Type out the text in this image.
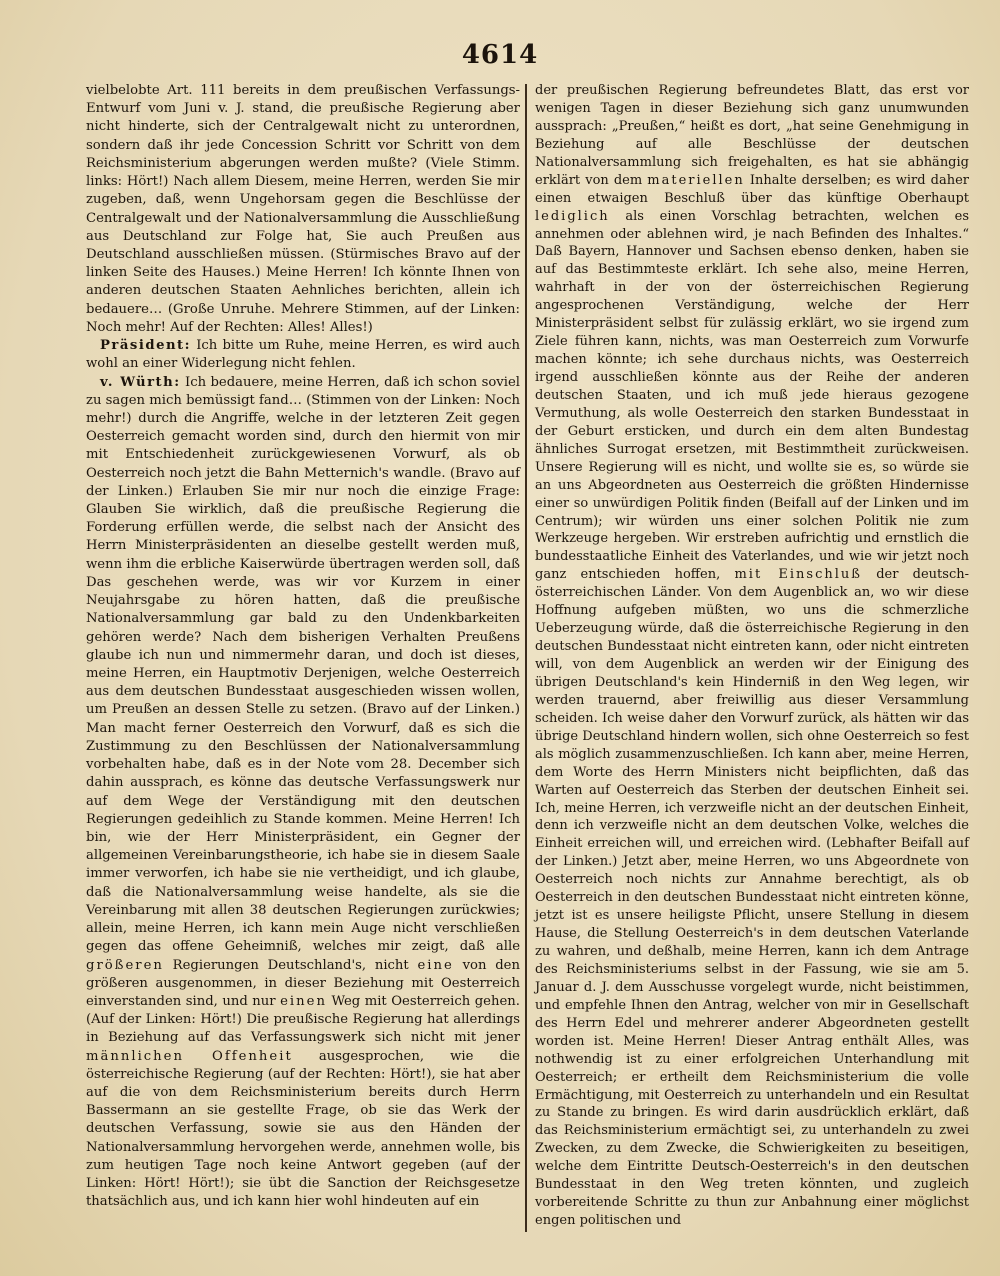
4614

vielbelobte Art. 111 bereits in dem preußischen Verfassungs-Entwurf vom Juni v. J. stand, die preußische Regierung aber nicht hinderte, sich der Centralgewalt nicht zu unterordnen, sondern daß ihr jede Concession Schritt vor Schritt von dem Reichsministerium abgerungen werden mußte? (Viele Stimm. links: Hört!) Nach allem Diesem, meine Herren, werden Sie mir zugeben, daß, wenn Ungehorsam gegen die Beschlüsse der Centralgewalt und der Nationalversammlung die Ausschließung aus Deutschland zur Folge hat, Sie auch Preußen aus Deutschland ausschließen müssen. (Stürmisches Bravo auf der linken Seite des Hauses.) Meine Herren! Ich könnte Ihnen von anderen deutschen Staaten Aehnliches berichten, allein ich bedauere… (Große Unruhe. Mehrere Stimmen, auf der Linken: Noch mehr! Auf der Rechten: Alles! Alles!)

Präsident: Ich bitte um Ruhe, meine Herren, es wird auch wohl an einer Widerlegung nicht fehlen.

v. Würth: Ich bedauere, meine Herren, daß ich schon soviel zu sagen mich bemüssigt fand… (Stimmen von der Linken: Noch mehr!) durch die Angriffe, welche in der letzteren Zeit gegen Oesterreich gemacht worden sind, durch den hiermit von mir mit Entschiedenheit zurückgewiesenen Vorwurf, als ob Oesterreich noch jetzt die Bahn Metternich's wandle. (Bravo auf der Linken.) Erlauben Sie mir nur noch die einzige Frage: Glauben Sie wirklich, daß die preußische Regierung die Forderung erfüllen werde, die selbst nach der Ansicht des Herrn Ministerpräsidenten an dieselbe gestellt werden muß, wenn ihm die erbliche Kaiserwürde übertragen werden soll, daß Das geschehen werde, was wir vor Kurzem in einer Neujahrsgabe zu hören hatten, daß die preußische Nationalversammlung gar bald zu den Undenkbarkeiten gehören werde? Nach dem bisherigen Verhalten Preußens glaube ich nun und nimmermehr daran, und doch ist dieses, meine Herren, ein Hauptmotiv Derjenigen, welche Oesterreich aus dem deutschen Bundesstaat ausgeschieden wissen wollen, um Preußen an dessen Stelle zu setzen. (Bravo auf der Linken.) Man macht ferner Oesterreich den Vorwurf, daß es sich die Zustimmung zu den Beschlüssen der Nationalversammlung vorbehalten habe, daß es in der Note vom 28. December sich dahin aussprach, es könne das deutsche Verfassungswerk nur auf dem Wege der Verständigung mit den deutschen Regierungen gedeihlich zu Stande kommen. Meine Herren! Ich bin, wie der Herr Ministerpräsident, ein Gegner der allgemeinen Vereinbarungstheorie, ich habe sie in diesem Saale immer verworfen, ich habe sie nie vertheidigt, und ich glaube, daß die Nationalversammlung weise handelte, als sie die Vereinbarung mit allen 38 deutschen Regierungen zurückwies; allein, meine Herren, ich kann mein Auge nicht verschließen gegen das offene Geheimniß, welches mir zeigt, daß alle größeren Regierungen Deutschland's, nicht eine von den größeren ausgenommen, in dieser Beziehung mit Oesterreich einverstanden sind, und nur einen Weg mit Oesterreich gehen. (Auf der Linken: Hört!) Die preußische Regierung hat allerdings in Beziehung auf das Verfassungswerk sich nicht mit jener männlichen Offenheit ausgesprochen, wie die österreichische Regierung (auf der Rechten: Hört!), sie hat aber auf die von dem Reichsministerium bereits durch Herrn Bassermann an sie gestellte Frage, ob sie das Werk der deutschen Verfassung, sowie sie aus den Händen der Nationalversammlung hervorgehen werde, annehmen wolle, bis zum heutigen Tage noch keine Antwort gegeben (auf der Linken: Hört! Hört!); sie übt die Sanction der Reichsgesetze thatsächlich aus, und ich kann hier wohl hindeuten auf ein

der preußischen Regierung befreundetes Blatt, das erst vor wenigen Tagen in dieser Beziehung sich ganz unumwunden aussprach: „Preußen,“ heißt es dort, „hat seine Genehmigung in Beziehung auf alle Beschlüsse der deutschen Nationalversammlung sich freigehalten, es hat sie abhängig erklärt von dem materiellen Inhalte derselben; es wird daher einen etwaigen Beschluß über das künftige Oberhaupt lediglich als einen Vorschlag betrachten, welchen es annehmen oder ablehnen wird, je nach Befinden des Inhaltes.“ Daß Bayern, Hannover und Sachsen ebenso denken, haben sie auf das Bestimmteste erklärt. Ich sehe also, meine Herren, wahrhaft in der von der österreichischen Regierung angesprochenen Verständigung, welche der Herr Ministerpräsident selbst für zulässig erklärt, wo sie irgend zum Ziele führen kann, nichts, was man Oesterreich zum Vorwurfe machen könnte; ich sehe durchaus nichts, was Oesterreich irgend ausschließen könnte aus der Reihe der anderen deutschen Staaten, und ich muß jede hieraus gezogene Vermuthung, als wolle Oesterreich den starken Bundesstaat in der Geburt ersticken, und durch ein dem alten Bundestag ähnliches Surrogat ersetzen, mit Bestimmtheit zurückweisen. Unsere Regierung will es nicht, und wollte sie es, so würde sie an uns Abgeordneten aus Oesterreich die größten Hindernisse einer so unwürdigen Politik finden (Beifall auf der Linken und im Centrum); wir würden uns einer solchen Politik nie zum Werkzeuge hergeben. Wir erstreben aufrichtig und ernstlich die bundesstaatliche Einheit des Vaterlandes, und wie wir jetzt noch ganz entschieden hoffen, mit Einschluß der deutsch-österreichischen Länder. Von dem Augenblick an, wo wir diese Hoffnung aufgeben müßten, wo uns die schmerzliche Ueberzeugung würde, daß die österreichische Regierung in den deutschen Bundesstaat nicht eintreten kann, oder nicht eintreten will, von dem Augenblick an werden wir der Einigung des übrigen Deutschland's kein Hinderniß in den Weg legen, wir werden trauernd, aber freiwillig aus dieser Versammlung scheiden. Ich weise daher den Vorwurf zurück, als hätten wir das übrige Deutschland hindern wollen, sich ohne Oesterreich so fest als möglich zusammenzuschließen. Ich kann aber, meine Herren, dem Worte des Herrn Ministers nicht beipflichten, daß das Warten auf Oesterreich das Sterben der deutschen Einheit sei. Ich, meine Herren, ich verzweifle nicht an der deutschen Einheit, denn ich verzweifle nicht an dem deutschen Volke, welches die Einheit erreichen will, und erreichen wird. (Lebhafter Beifall auf der Linken.) Jetzt aber, meine Herren, wo uns Abgeordnete von Oesterreich noch nichts zur Annahme berechtigt, als ob Oesterreich in den deutschen Bundesstaat nicht eintreten könne, jetzt ist es unsere heiligste Pflicht, unsere Stellung in diesem Hause, die Stellung Oesterreich's in dem deutschen Vaterlande zu wahren, und deßhalb, meine Herren, kann ich dem Antrage des Reichsministeriums selbst in der Fassung, wie sie am 5. Januar d. J. dem Ausschusse vorgelegt wurde, nicht beistimmen, und empfehle Ihnen den Antrag, welcher von mir in Gesellschaft des Herrn Edel und mehrerer anderer Abgeordneten gestellt worden ist. Meine Herren! Dieser Antrag enthält Alles, was nothwendig ist zu einer erfolgreichen Unterhandlung mit Oesterreich; er ertheilt dem Reichsministerium die volle Ermächtigung, mit Oesterreich zu unterhandeln und ein Resultat zu Stande zu bringen. Es wird darin ausdrücklich erklärt, daß das Reichsministerium ermächtigt sei, zu unterhandeln zu zwei Zwecken, zu dem Zwecke, die Schwierigkeiten zu beseitigen, welche dem Eintritte Deutsch-Oesterreich's in den deutschen Bundesstaat in den Weg treten könnten, und zugleich vorbereitende Schritte zu thun zur Anbahnung einer möglichst engen politischen und
